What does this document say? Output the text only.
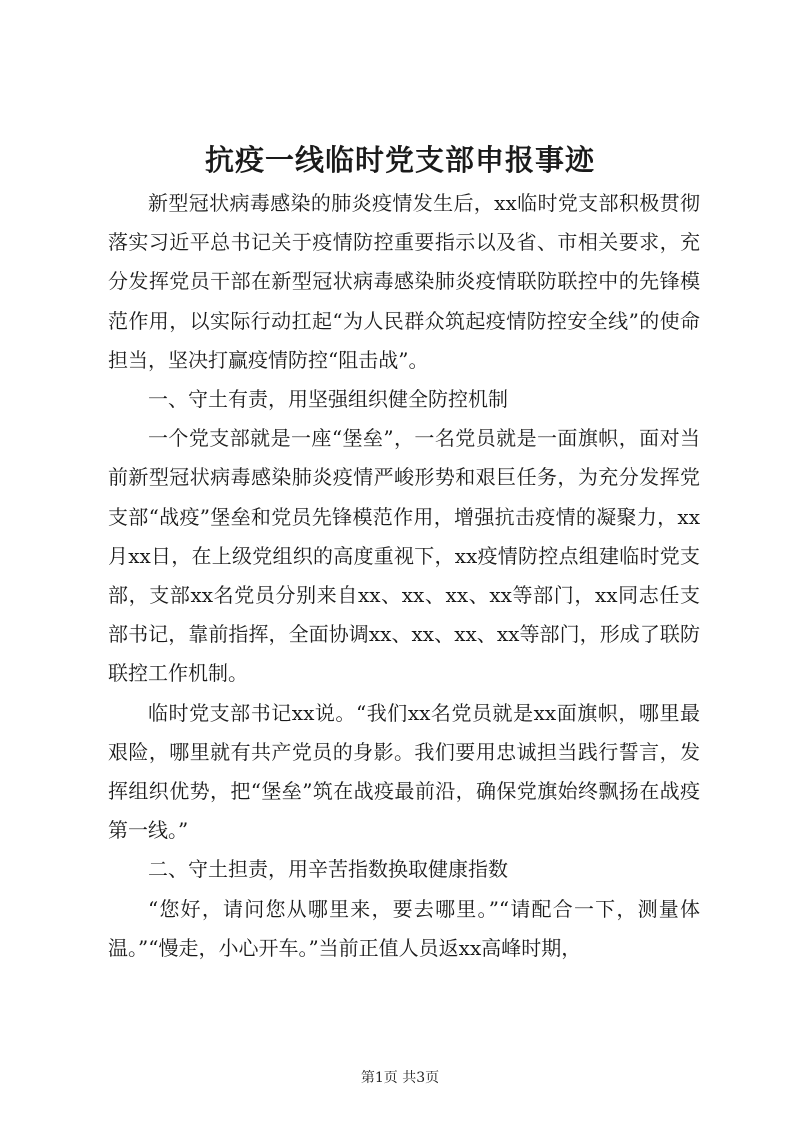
抗疫一线临时党支部申报事迹

新型冠状病毒感染的肺炎疫情发生后，xx临时党支部积极贯彻落实习近平总书记关于疫情防控重要指示以及省、市相关要求，充分发挥党员干部在新型冠状病毒感染肺炎疫情联防联控中的先锋模范作用，以实际行动扛起“为人民群众筑起疫情防控安全线”的使命担当，坚决打赢疫情防控“阻击战”。

一、守土有责，用坚强组织健全防控机制

一个党支部就是一座“堡垒”，一名党员就是一面旗帜，面对当前新型冠状病毒感染肺炎疫情严峻形势和艰巨任务，为充分发挥党支部“战疫”堡垒和党员先锋模范作用，增强抗击疫情的凝聚力，xx月xx日，在上级党组织的高度重视下，xx疫情防控点组建临时党支部，支部xx名党员分别来自xx、xx、xx、xx等部门，xx同志任支部书记，靠前指挥，全面协调xx、xx、xx、xx等部门，形成了联防联控工作机制。

临时党支部书记xx说。“我们xx名党员就是xx面旗帜，哪里最艰险，哪里就有共产党员的身影。我们要用忠诚担当践行誓言，发挥组织优势，把“堡垒”筑在战疫最前沿，确保党旗始终飘扬在战疫第一线。”

二、守土担责，用辛苦指数换取健康指数

“您好，请问您从哪里来，要去哪里。”“请配合一下，测量体温。”“慢走，小心开车。”当前正值人员返xx高峰时期，

第1页 共3页
